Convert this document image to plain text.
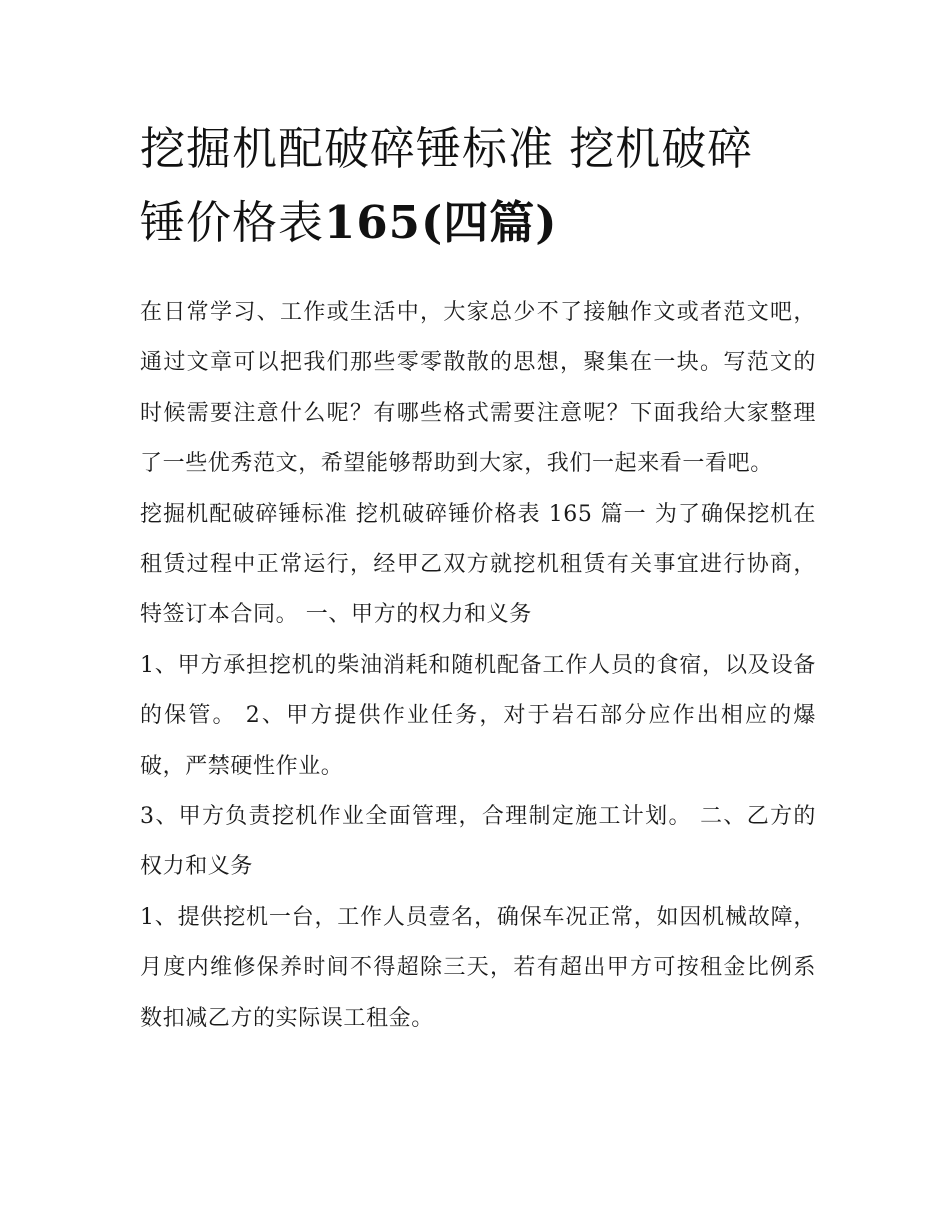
挖掘机配破碎锤标准 挖机破碎
锤价格表165(四篇)

在日常学习、工作或生活中，大家总少不了接触作文或者范文吧，通过文章可以把我们那些零零散散的思想，聚集在一块。写范文的时候需要注意什么呢？有哪些格式需要注意呢？下面我给大家整理了一些优秀范文，希望能够帮助到大家，我们一起来看一看吧。

挖掘机配破碎锤标准 挖机破碎锤价格表 165 篇一 为了确保挖机在租赁过程中正常运行，经甲乙双方就挖机租赁有关事宜进行协商，特签订本合同。 一、甲方的权力和义务

1、甲方承担挖机的柴油消耗和随机配备工作人员的食宿，以及设备的保管。 2、甲方提供作业任务，对于岩石部分应作出相应的爆破，严禁硬性作业。

3、甲方负责挖机作业全面管理，合理制定施工计划。 二、乙方的权力和义务

1、提供挖机一台，工作人员壹名，确保车况正常，如因机械故障，月度内维修保养时间不得超除三天，若有超出甲方可按租金比例系数扣减乙方的实际误工租金。
